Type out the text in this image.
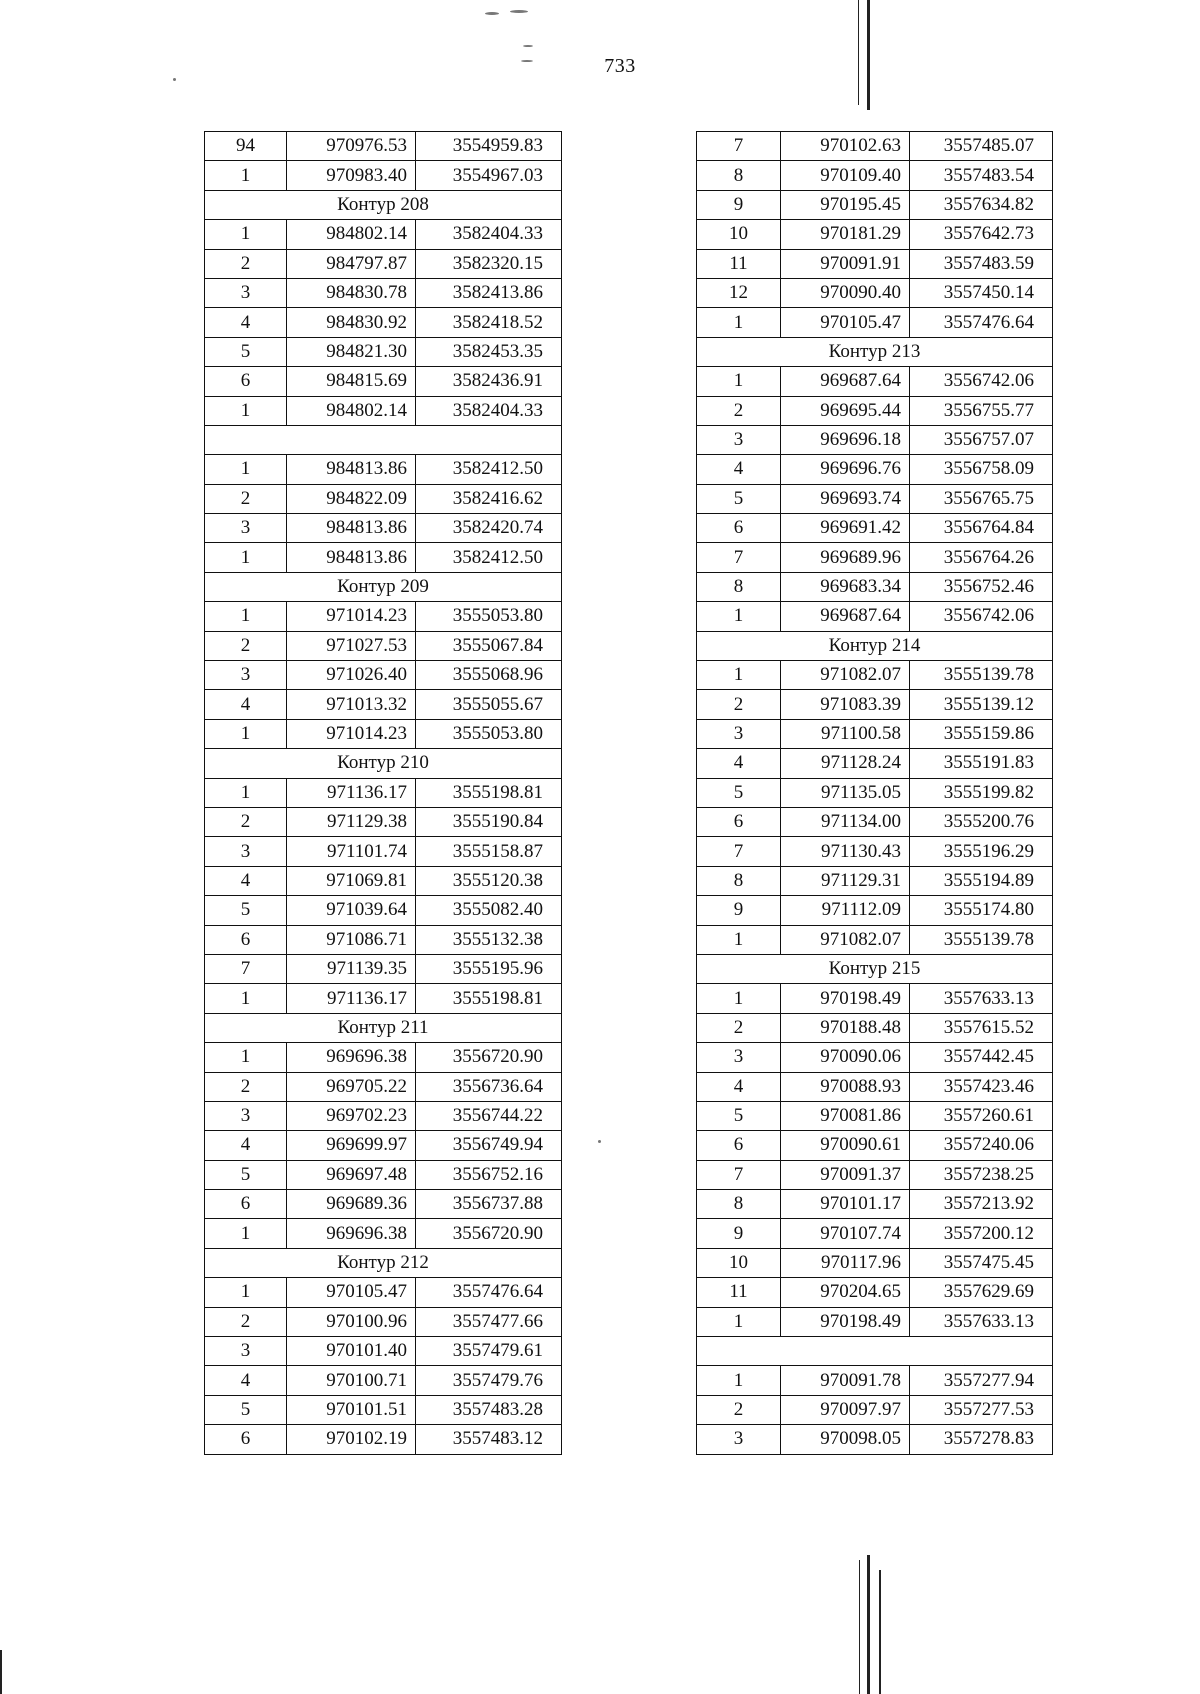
733
94	970976.53	3554959.83
1	970983.40	3554967.03
Контур 208		
1	984802.14	3582404.33
2	984797.87	3582320.15
3	984830.78	3582413.86
4	984830.92	3582418.52
5	984821.30	3582453.35
6	984815.69	3582436.91
1	984802.14	3582404.33

1	984813.86	3582412.50
2	984822.09	3582416.62
3	984813.86	3582420.74
1	984813.86	3582412.50
Контур 209		
1	971014.23	3555053.80
2	971027.53	3555067.84
3	971026.40	3555068.96
4	971013.32	3555055.67
1	971014.23	3555053.80
Контур 210		
1	971136.17	3555198.81
2	971129.38	3555190.84
3	971101.74	3555158.87
4	971069.81	3555120.38
5	971039.64	3555082.40
6	971086.71	3555132.38
7	971139.35	3555195.96
1	971136.17	3555198.81
Контур 211		
1	969696.38	3556720.90
2	969705.22	3556736.64
3	969702.23	3556744.22
4	969699.97	3556749.94
5	969697.48	3556752.16
6	969689.36	3556737.88
1	969696.38	3556720.90
Контур 212		
1	970105.47	3557476.64
2	970100.96	3557477.66
3	970101.40	3557479.61
4	970100.71	3557479.76
5	970101.51	3557483.28
6	970102.19	3557483.12
7	970102.63	3557485.07
8	970109.40	3557483.54
9	970195.45	3557634.82
10	970181.29	3557642.73
11	970091.91	3557483.59
12	970090.40	3557450.14
1	970105.47	3557476.64
Контур 213		
1	969687.64	3556742.06
2	969695.44	3556755.77
3	969696.18	3556757.07
4	969696.76	3556758.09
5	969693.74	3556765.75
6	969691.42	3556764.84
7	969689.96	3556764.26
8	969683.34	3556752.46
1	969687.64	3556742.06
Контур 214		
1	971082.07	3555139.78
2	971083.39	3555139.12
3	971100.58	3555159.86
4	971128.24	3555191.83
5	971135.05	3555199.82
6	971134.00	3555200.76
7	971130.43	3555196.29
8	971129.31	3555194.89
9	971112.09	3555174.80
1	971082.07	3555139.78
Контур 215		
1	970198.49	3557633.13
2	970188.48	3557615.52
3	970090.06	3557442.45
4	970088.93	3557423.46
5	970081.86	3557260.61
6	970090.61	3557240.06
7	970091.37	3557238.25
8	970101.17	3557213.92
9	970107.74	3557200.12
10	970117.96	3557475.45
11	970204.65	3557629.69
1	970198.49	3557633.13

1	970091.78	3557277.94
2	970097.97	3557277.53
3	970098.05	3557278.83
